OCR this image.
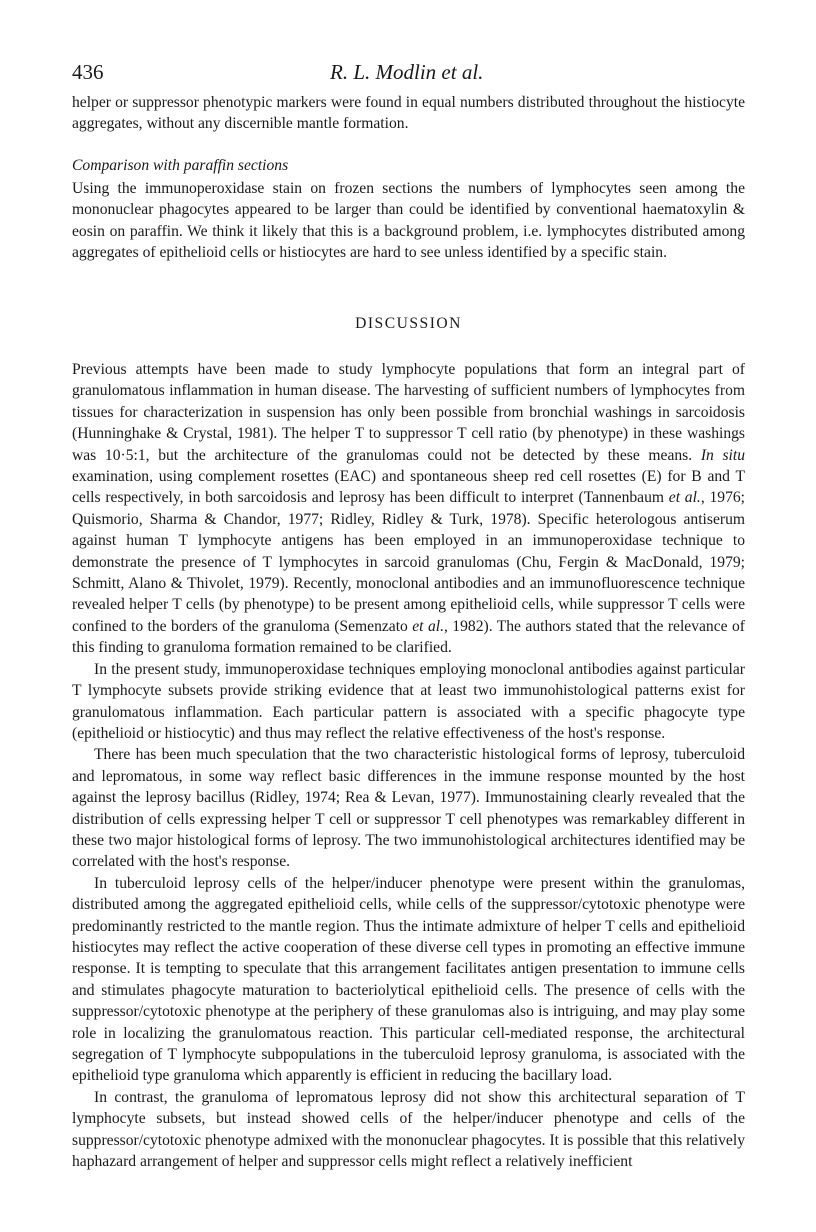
436	R. L. Modlin et al.

helper or suppressor phenotypic markers were found in equal numbers distributed throughout the histiocyte aggregates, without any discernible mantle formation.

Comparison with paraffin sections

Using the immunoperoxidase stain on frozen sections the numbers of lymphocytes seen among the mononuclear phagocytes appeared to be larger than could be identified by conventional haematoxylin & eosin on paraffin. We think it likely that this is a background problem, i.e. lymphocytes distributed among aggregates of epithelioid cells or histiocytes are hard to see unless identified by a specific stain.

DISCUSSION

Previous attempts have been made to study lymphocyte populations that form an integral part of granulomatous inflammation in human disease. The harvesting of sufficient numbers of lymphocytes from tissues for characterization in suspension has only been possible from bronchial washings in sarcoidosis (Hunninghake & Crystal, 1981). The helper T to suppressor T cell ratio (by phenotype) in these washings was 10·5:1, but the architecture of the granulomas could not be detected by these means. In situ examination, using complement rosettes (EAC) and spontaneous sheep red cell rosettes (E) for B and T cells respectively, in both sarcoidosis and leprosy has been difficult to interpret (Tannenbaum et al., 1976; Quismorio, Sharma & Chandor, 1977; Ridley, Ridley & Turk, 1978). Specific heterologous antiserum against human T lymphocyte antigens has been employed in an immunoperoxidase technique to demonstrate the presence of T lymphocytes in sarcoid granulomas (Chu, Fergin & MacDonald, 1979; Schmitt, Alano & Thivolet, 1979). Recently, monoclonal antibodies and an immunofluorescence technique revealed helper T cells (by phenotype) to be present among epithelioid cells, while suppressor T cells were confined to the borders of the granuloma (Semenzato et al., 1982). The authors stated that the relevance of this finding to granuloma formation remained to be clarified.

In the present study, immunoperoxidase techniques employing monoclonal antibodies against particular T lymphocyte subsets provide striking evidence that at least two immunohistological patterns exist for granulomatous inflammation. Each particular pattern is associated with a specific phagocyte type (epithelioid or histiocytic) and thus may reflect the relative effectiveness of the host's response.

There has been much speculation that the two characteristic histological forms of leprosy, tuberculoid and lepromatous, in some way reflect basic differences in the immune response mounted by the host against the leprosy bacillus (Ridley, 1974; Rea & Levan, 1977). Immunostaining clearly revealed that the distribution of cells expressing helper T cell or suppressor T cell phenotypes was remarkabley different in these two major histological forms of leprosy. The two immunohistological architectures identified may be correlated with the host's response.

In tuberculoid leprosy cells of the helper/inducer phenotype were present within the granulomas, distributed among the aggregated epithelioid cells, while cells of the suppressor/cytotoxic phenotype were predominantly restricted to the mantle region. Thus the intimate admixture of helper T cells and epithelioid histiocytes may reflect the active cooperation of these diverse cell types in promoting an effective immune response. It is tempting to speculate that this arrangement facilitates antigen presentation to immune cells and stimulates phagocyte maturation to bacteriolytical epithelioid cells. The presence of cells with the suppressor/cytotoxic phenotype at the periphery of these granulomas also is intriguing, and may play some role in localizing the granulomatous reaction. This particular cell-mediated response, the architectural segregation of T lymphocyte subpopulations in the tuberculoid leprosy granuloma, is associated with the epithelioid type granuloma which apparently is efficient in reducing the bacillary load.

In contrast, the granuloma of lepromatous leprosy did not show this architectural separation of T lymphocyte subsets, but instead showed cells of the helper/inducer phenotype and cells of the suppressor/cytotoxic phenotype admixed with the mononuclear phagocytes. It is possible that this relatively haphazard arrangement of helper and suppressor cells might reflect a relatively inefficient
